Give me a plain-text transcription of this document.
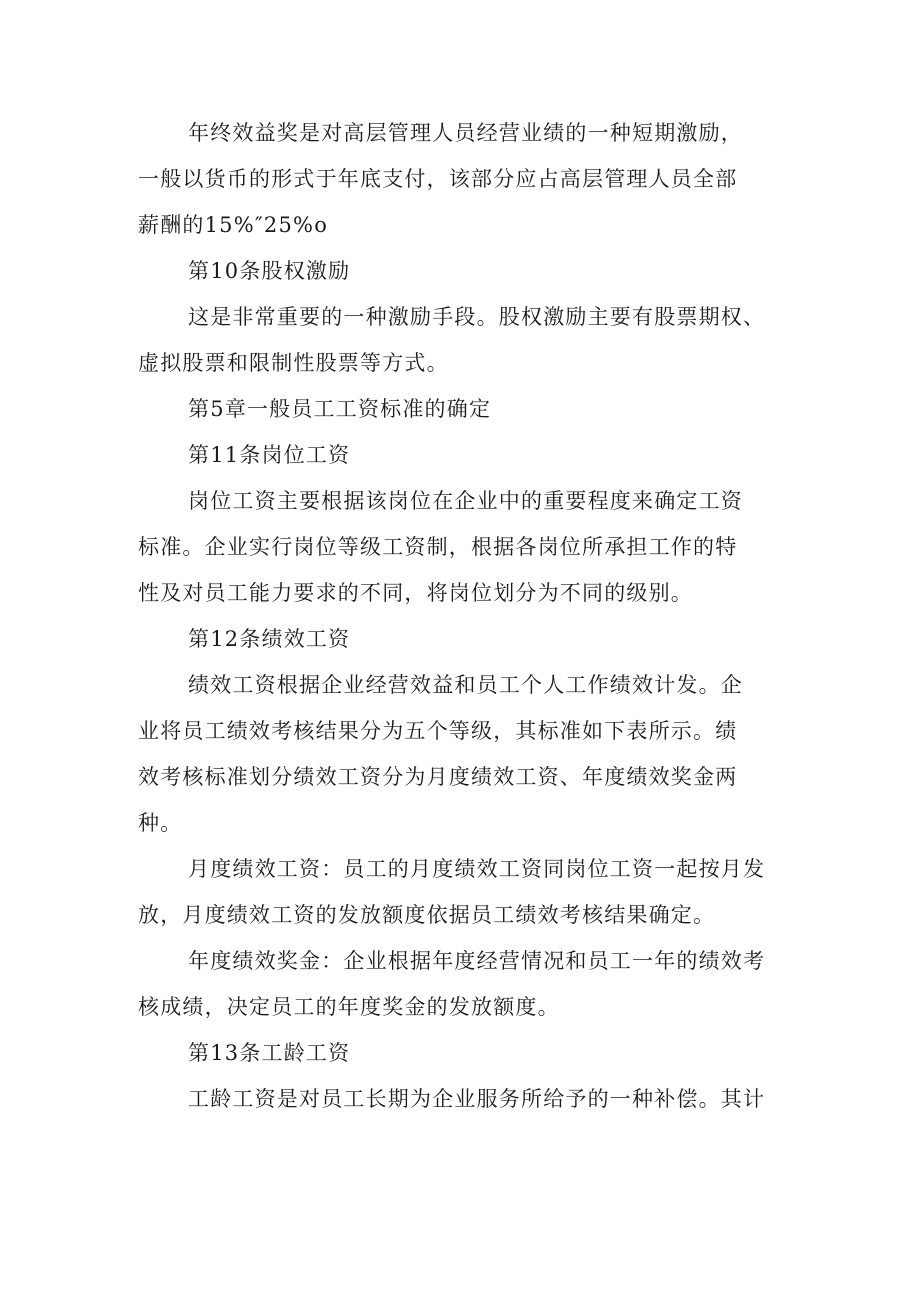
年终效益奖是对高层管理人员经营业绩的一种短期激励，
一般以货币的形式于年底支付，该部分应占高层管理人员全部
薪酬的15%″25%o
第10条股权激励
这是非常重要的一种激励手段。股权激励主要有股票期权、
虚拟股票和限制性股票等方式。
第5章一般员工工资标准的确定
第11条岗位工资
岗位工资主要根据该岗位在企业中的重要程度来确定工资
标准。企业实行岗位等级工资制，根据各岗位所承担工作的特
性及对员工能力要求的不同，将岗位划分为不同的级别。
第12条绩效工资
绩效工资根据企业经营效益和员工个人工作绩效计发。企
业将员工绩效考核结果分为五个等级，其标准如下表所示。绩
效考核标准划分绩效工资分为月度绩效工资、年度绩效奖金两
种。
月度绩效工资：员工的月度绩效工资同岗位工资一起按月发
放，月度绩效工资的发放额度依据员工绩效考核结果确定。
年度绩效奖金：企业根据年度经营情况和员工一年的绩效考
核成绩，决定员工的年度奖金的发放额度。
第13条工龄工资
工龄工资是对员工长期为企业服务所给予的一种补偿。其计
